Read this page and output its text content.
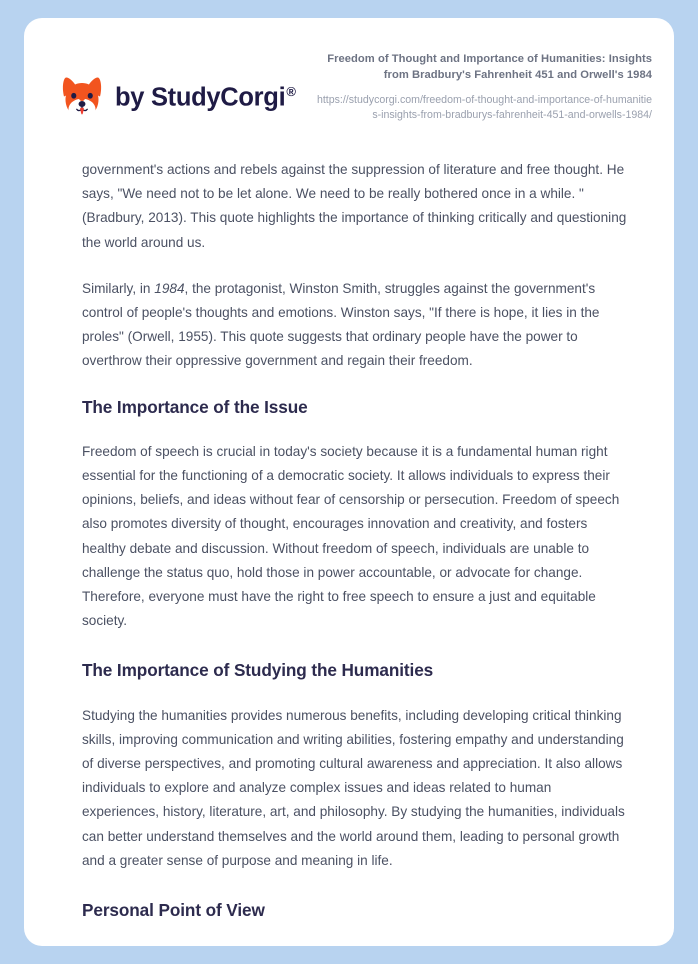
by StudyCorgi®
Freedom of Thought and Importance of Humanities: Insights from Bradbury's Fahrenheit 451 and Orwell's 1984
https://studycorgi.com/freedom-of-thought-and-importance-of-humanities-insights-from-bradburys-fahrenheit-451-and-orwells-1984/

government's actions and rebels against the suppression of literature and free thought. He says, "We need not to be let alone. We need to be really bothered once in a while. " (Bradbury, 2013). This quote highlights the importance of thinking critically and questioning the world around us.

Similarly, in 1984, the protagonist, Winston Smith, struggles against the government's control of people's thoughts and emotions. Winston says, "If there is hope, it lies in the proles" (Orwell, 1955). This quote suggests that ordinary people have the power to overthrow their oppressive government and regain their freedom.

The Importance of the Issue

Freedom of speech is crucial in today's society because it is a fundamental human right essential for the functioning of a democratic society. It allows individuals to express their opinions, beliefs, and ideas without fear of censorship or persecution. Freedom of speech also promotes diversity of thought, encourages innovation and creativity, and fosters healthy debate and discussion. Without freedom of speech, individuals are unable to challenge the status quo, hold those in power accountable, or advocate for change. Therefore, everyone must have the right to free speech to ensure a just and equitable society.

The Importance of Studying the Humanities

Studying the humanities provides numerous benefits, including developing critical thinking skills, improving communication and writing abilities, fostering empathy and understanding of diverse perspectives, and promoting cultural awareness and appreciation. It also allows individuals to explore and analyze complex issues and ideas related to human experiences, history, literature, art, and philosophy. By studying the humanities, individuals can better understand themselves and the world around them, leading to personal growth and a greater sense of purpose and meaning in life.

Personal Point of View
